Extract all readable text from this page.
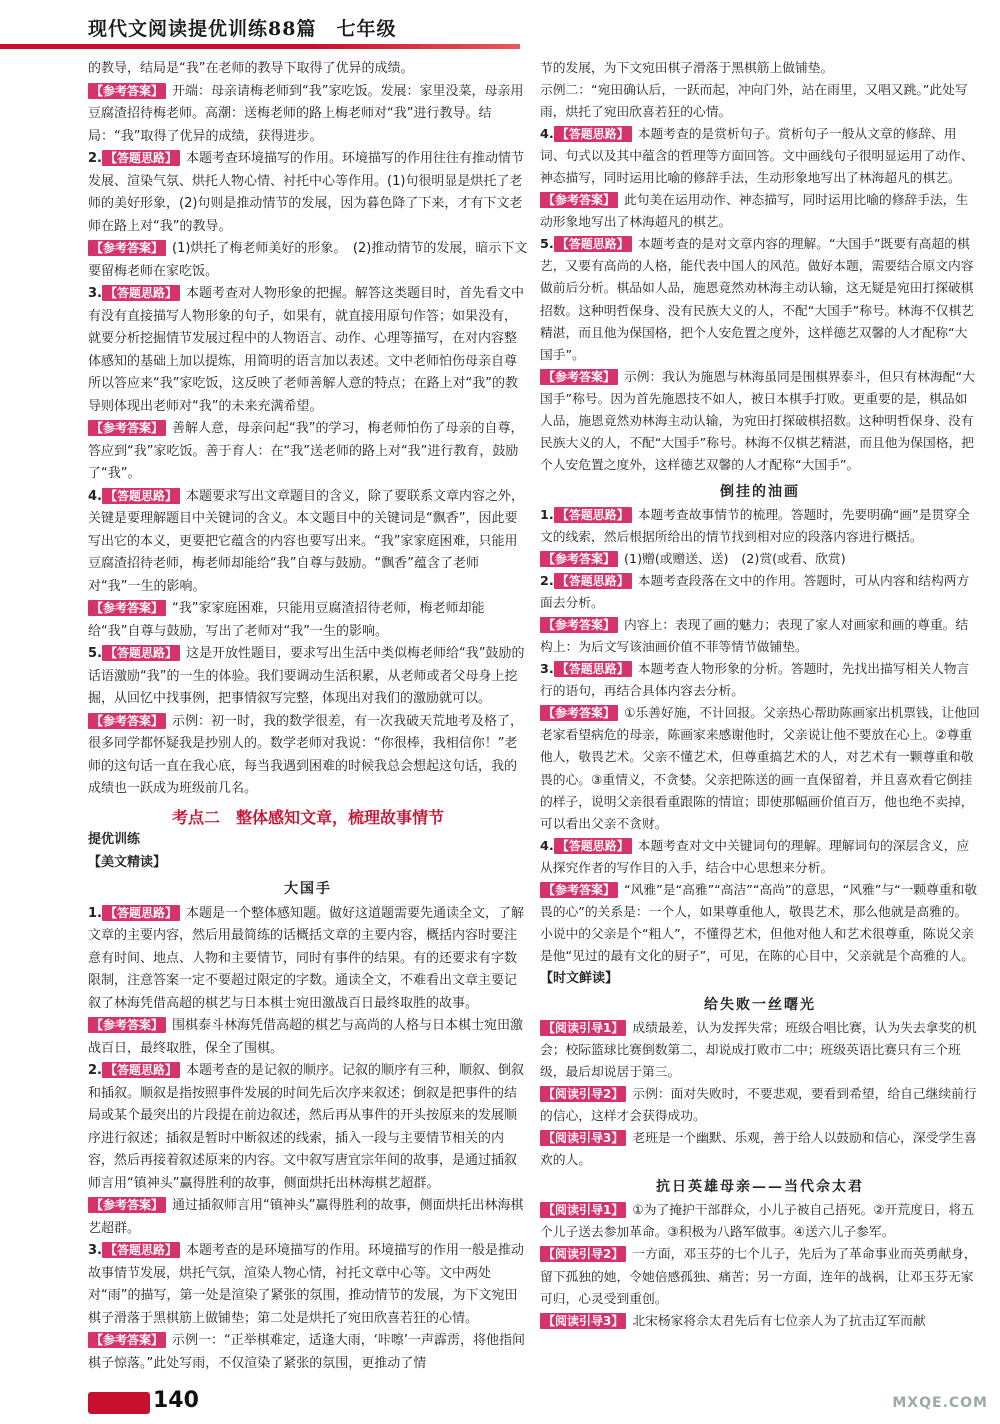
现代文阅读提优训练88篇　七年级

的教导，结局是“我”在老师的教导下取得了优异的成绩。

【参考答案】 开端：母亲请梅老师到“我”家吃饭。发展：家里没菜，母亲用豆腐渣招待梅老师。高潮：送梅老师的路上梅老师对“我”进行教导。结局：“我”取得了优异的成绩，获得进步。

2. 【答题思路】 本题考查环境描写的作用。环境描写的作用往往有推动情节发展、渲染气氛、烘托人物心情、衬托中心等作用。(1)句很明显是烘托了老师的美好形象，(2)句则是推动情节的发展，因为暮色降了下来，才有下文老师在路上对“我”的教导。

【参考答案】 (1)烘托了梅老师美好的形象。　(2)推动情节的发展，暗示下文要留梅老师在家吃饭。

3. 【答题思路】 本题考查对人物形象的把握。解答这类题目时，首先看文中有没有直接描写人物形象的句子，如果有，就直接用原句作答；如果没有，就要分析挖掘情节发展过程中的人物语言、动作、心理等描写，在对内容整体感知的基础上加以提炼，用简明的语言加以表述。文中老师怕伤母亲自尊所以答应来“我”家吃饭，这反映了老师善解人意的特点；在路上对“我”的教导则体现出老师对“我”的未来充满希望。

【参考答案】 善解人意，母亲问起“我”的学习，梅老师怕伤了母亲的自尊，答应到“我”家吃饭。善于育人：在“我”送老师的路上对“我”进行教育，鼓励了“我”。

4. 【答题思路】 本题要求写出文章题目的含义，除了要联系文章内容之外，关键是要理解题目中关键词的含义。本文题目中的关键词是“飘香”，因此要写出它的本义，更要把它蕴含的内容也要写出来。“我”家家庭困难，只能用豆腐渣招待老师，梅老师却能给“我”自尊与鼓励。“飘香”蕴含了老师对“我”一生的影响。

【参考答案】 “我”家家庭困难，只能用豆腐渣招待老师，梅老师却能给“我”自尊与鼓励，写出了老师对“我”一生的影响。

5. 【答题思路】 这是开放性题目，要求写出生活中类似梅老师给“我”鼓励的话语激励“我”的一生的体验。我们要调动生活积累，从老师或者父母身上挖掘，从回忆中找事例，把事情叙写完整，体现出对我们的激励就可以。

【参考答案】 示例：初一时，我的数学很差，有一次我破天荒地考及格了，很多同学都怀疑我是抄别人的。数学老师对我说：“你很棒，我相信你！”老师的这句话一直在我心底，每当我遇到困难的时候我总会想起这句话，我的成绩也一跃成为班级前几名。

考点二　整体感知文章，梳理故事情节
提优训练
【美文精读】
大国手

1. 【答题思路】 本题是一个整体感知题。做好这道题需要先通读全文，了解文章的主要内容，然后用最简练的话概括文章的主要内容，概括内容时要注意有时间、地点、人物和主要情节，同时有事件的结果。有的还要求有字数限制，注意答案一定不要超过限定的字数。通读全文，不难看出文章主要记叙了林海凭借高超的棋艺与日本棋士宛田激战百日最终取胜的故事。

【参考答案】 围棋泰斗林海凭借高超的棋艺与高尚的人格与日本棋士宛田激战百日，最终取胜，保全了围棋。

2. 【答题思路】 本题考查的是记叙的顺序。记叙的顺序有三种，顺叙、倒叙和插叙。顺叙是指按照事件发展的时间先后次序来叙述；倒叙是把事件的结局或某个最突出的片段提在前边叙述，然后再从事件的开头按原来的发展顺序进行叙述；插叙是暂时中断叙述的线索，插入一段与主要情节相关的内容，然后再接着叙述原来的内容。文中叙写唐宜宗年间的故事，是通过插叙师言用“镇神头”赢得胜利的故事，侧面烘托出林海棋艺超群。

【参考答案】 通过插叙师言用“镇神头”赢得胜利的故事，侧面烘托出林海棋艺超群。

3. 【答题思路】 本题考查的是环境描写的作用。环境描写的作用一般是推动故事情节发展，烘托气氛，渲染人物心情，衬托文章中心等。文中两处对“雨”的描写，第一处是渲染了紧张的氛围，推动情节的发展，为下文宛田棋子滑落于黑棋筋上做铺垫；第二处是烘托了宛田欣喜若狂的心情。

【参考答案】 示例一：“正举棋难定，适逢大雨，‘咔嚓’一声霹雳，将他指间棋子惊落。”此处写雨，不仅渲染了紧张的氛围，更推动了情

节的发展，为下文宛田棋子滑落于黑棋筋上做铺垫。

示例二：“宛田确认后，一跃而起，冲向门外，站在雨里，又唱又跳。”此处写雨，烘托了宛田欣喜若狂的心情。

4. 【答题思路】 本题考查的是赏析句子。赏析句子一般从文章的修辞、用词、句式以及其中蕴含的哲理等方面回答。文中画线句子很明显运用了动作、神态描写，同时运用比喻的修辞手法，生动形象地写出了林海超凡的棋艺。

【参考答案】 此句美在运用动作、神态描写，同时运用比喻的修辞手法，生动形象地写出了林海超凡的棋艺。

5. 【答题思路】 本题考查的是对文章内容的理解。“大国手”既要有高超的棋艺，又要有高尚的人格，能代表中国人的风范。做好本题，需要结合原文内容做前后分析。棋品如人品，施恩竟然劝林海主动认输，这无疑是宛田打探破棋招数。这种明哲保身、没有民族大义的人，不配“大国手”称号。林海不仅棋艺精湛，而且他为保国格，把个人安危置之度外，这样德艺双馨的人才配称“大国手”。

【参考答案】 示例：我认为施恩与林海虽同是围棋界泰斗，但只有林海配“大国手”称号。因为首先施恩技不如人，被日本棋手打败。更重要的是，棋品如人品，施恩竟然劝林海主动认输，为宛田打探破棋招数。这种明哲保身、没有民族大义的人，不配“大国手”称号。林海不仅棋艺精湛，而且他为保国格，把个人安危置之度外，这样德艺双馨的人才配称“大国手”。

倒挂的油画

1. 【答题思路】 本题考查故事情节的梳理。答题时，先要明确“画”是贯穿全文的线索，然后根据所给出的情节找到相对应的段落内容进行概括。

【参考答案】 (1)赠(或赠送、送)　(2)赏(或看、欣赏)

2. 【答题思路】 本题考查段落在文中的作用。答题时，可从内容和结构两方面去分析。

【参考答案】 内容上：表现了画的魅力；表现了家人对画家和画的尊重。结构上：为后文写该油画价值不菲等情节做铺垫。

3. 【答题思路】 本题考查人物形象的分析。答题时，先找出描写相关人物言行的语句，再结合具体内容去分析。

【参考答案】 ①乐善好施，不计回报。父亲热心帮助陈画家出机票钱，让他回老家看望病危的母亲，陈画家来感谢他时，父亲说让他不要放在心上。②尊重他人，敬畏艺术。父亲不懂艺术，但尊重搞艺术的人，对艺术有一颗尊重和敬畏的心。③重情义，不贪婪。父亲把陈送的画一直保留着，并且喜欢看它倒挂的样子，说明父亲很看重跟陈的情谊；即使那幅画价值百万，他也绝不卖掉，可以看出父亲不贪财。

4. 【答题思路】 本题考查对文中关键词句的理解。理解词句的深层含义，应从探究作者的写作目的入手，结合中心思想来分析。

【参考答案】 “风雅”是“高雅”“高洁”“高尚”的意思，“风雅”与“一颗尊重和敬畏的心”的关系是：一个人，如果尊重他人，敬畏艺术，那么他就是高雅的。小说中的父亲是个“粗人”，不懂得艺术，但他对他人和艺术很尊重，陈说父亲是他“见过的最有文化的厨子”，可见，在陈的心目中，父亲就是个高雅的人。

【时文鲜读】
给失败一丝曙光

【阅读引导1】 成绩最差，认为发挥失常；班级合唱比赛，认为失去拿奖的机会；校际篮球比赛倒数第二，却说成打败市二中；班级英语比赛只有三个班级，最后却说居于第三。

【阅读引导2】 示例：面对失败时，不要悲观，要看到希望，给自己继续前行的信心，这样才会获得成功。

【阅读引导3】 老班是一个幽默、乐观，善于给人以鼓励和信心，深受学生喜欢的人。

抗日英雄母亲——当代佘太君

【阅读引导1】 ①为了掩护干部群众，小儿子被自己捂死。②开荒度日，将五个儿子送去参加革命。③积极为八路军做事。④送六儿子参军。

【阅读引导2】 一方面，邓玉芬的七个儿子，先后为了革命事业而英勇献身，留下孤独的她，令她倍感孤独、痛苦；另一方面，连年的战祸，让邓玉芬无家可归，心灵受到重创。

【阅读引导3】 北宋杨家将佘太君先后有七位亲人为了抗击辽军而献

140	MXQE.COM
